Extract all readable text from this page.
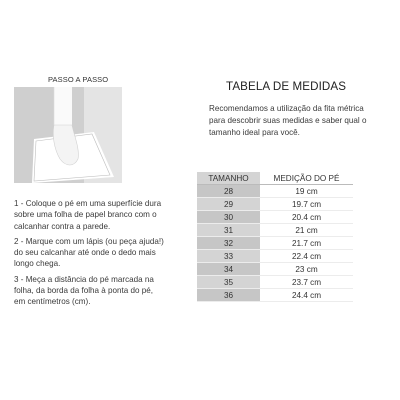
PASSO A PASSO

1 - Coloque o pé em uma superfície dura sobre uma folha de papel branco com o calcanhar contra a parede.

2 - Marque com um lápis (ou peça ajuda!) do seu calcanhar até onde o dedo mais longo chega.

3 - Meça a distância do pé marcada na folha, da borda da folha à ponta do pé, em centímetros (cm).

TABELA DE MEDIDAS
Recomendamos a utilização da fita métrica para descobrir suas medidas e saber qual o tamanho ideal para você.
TAMANHO	MEDIÇÃO DO PÉ
28	19 cm
29	19.7 cm
30	20.4 cm
31	21 cm
32	21.7 cm
33	22.4 cm
34	23 cm
35	23.7 cm
36	24.4 cm
